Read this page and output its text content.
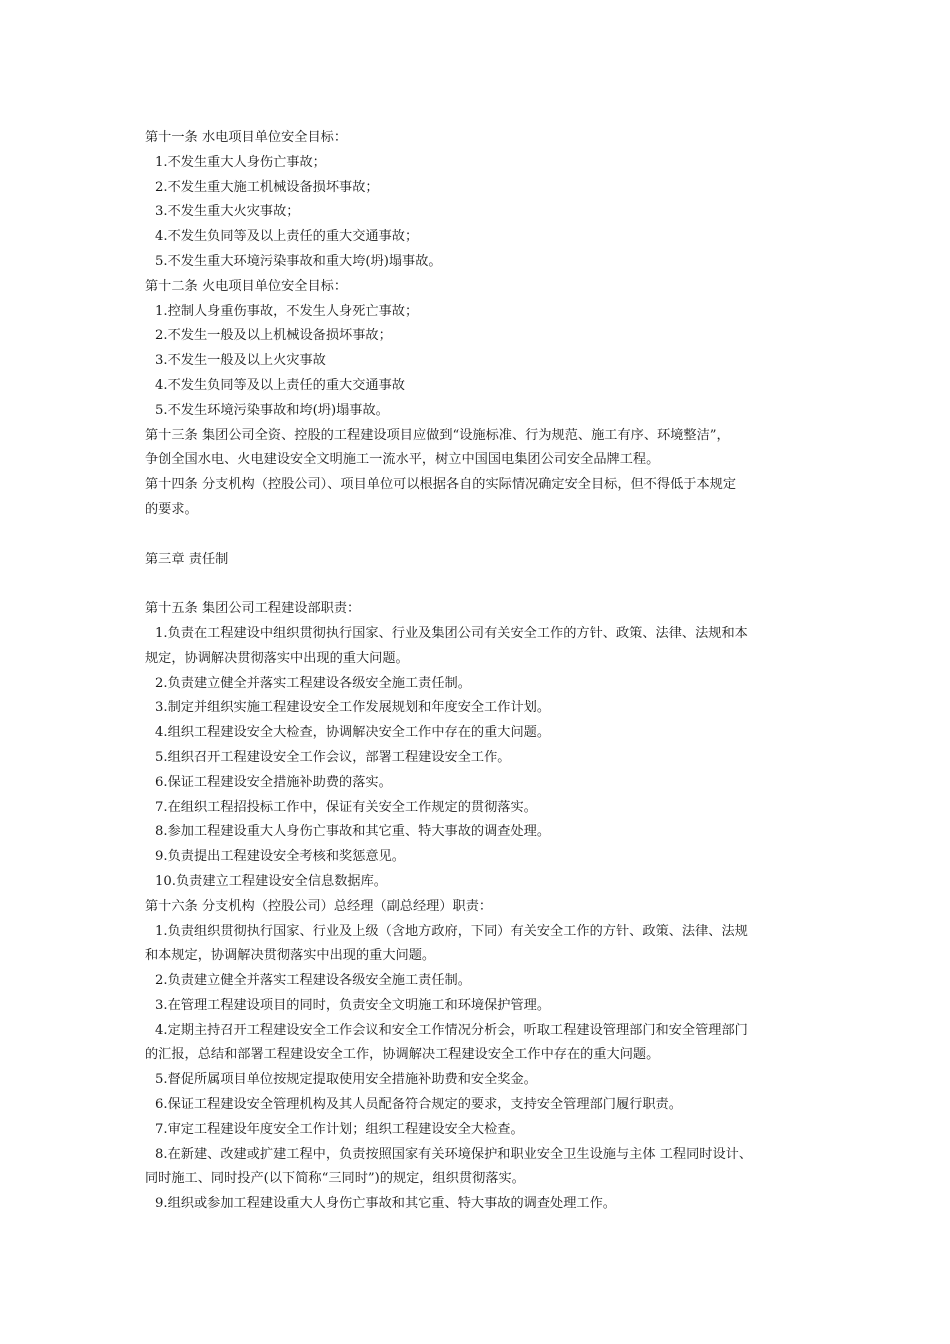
第十一条 水电项目单位安全目标：
1.不发生重大人身伤亡事故；
2.不发生重大施工机械设备损坏事故；
3.不发生重大火灾事故；
4.不发生负同等及以上责任的重大交通事故；
5.不发生重大环境污染事故和重大垮(坍)塌事故。
第十二条 火电项目单位安全目标：
1.控制人身重伤事故，不发生人身死亡事故；
2.不发生一般及以上机械设备损坏事故；
3.不发生一般及以上火灾事故
4.不发生负同等及以上责任的重大交通事故
5.不发生环境污染事故和垮(坍)塌事故。
第十三条 集团公司全资、控股的工程建设项目应做到“设施标准、行为规范、施工有序、环境整洁”，
争创全国水电、火电建设安全文明施工一流水平，树立中国国电集团公司安全品牌工程。
第十四条 分支机构（控股公司）、项目单位可以根据各自的实际情况确定安全目标，但不得低于本规定
的要求。
第三章 责任制
第十五条 集团公司工程建设部职责：
1.负责在工程建设中组织贯彻执行国家、行业及集团公司有关安全工作的方针、政策、法律、法规和本
规定，协调解决贯彻落实中出现的重大问题。
2.负责建立健全并落实工程建设各级安全施工责任制。
3.制定并组织实施工程建设安全工作发展规划和年度安全工作计划。
4.组织工程建设安全大检查，协调解决安全工作中存在的重大问题。
5.组织召开工程建设安全工作会议，部署工程建设安全工作。
6.保证工程建设安全措施补助费的落实。
7.在组织工程招投标工作中，保证有关安全工作规定的贯彻落实。
8.参加工程建设重大人身伤亡事故和其它重、特大事故的调查处理。
9.负责提出工程建设安全考核和奖惩意见。
10.负责建立工程建设安全信息数据库。
第十六条 分支机构（控股公司）总经理（副总经理）职责：
1.负责组织贯彻执行国家、行业及上级（含地方政府，下同）有关安全工作的方针、政策、法律、法规
和本规定，协调解决贯彻落实中出现的重大问题。
2.负责建立健全并落实工程建设各级安全施工责任制。
3.在管理工程建设项目的同时，负责安全文明施工和环境保护管理。
4.定期主持召开工程建设安全工作会议和安全工作情况分析会，听取工程建设管理部门和安全管理部门
的汇报，总结和部署工程建设安全工作，协调解决工程建设安全工作中存在的重大问题。
5.督促所属项目单位按规定提取使用安全措施补助费和安全奖金。
6.保证工程建设安全管理机构及其人员配备符合规定的要求，支持安全管理部门履行职责。
7.审定工程建设年度安全工作计划；组织工程建设安全大检查。
8.在新建、改建或扩建工程中，负责按照国家有关环境保护和职业安全卫生设施与主体 工程同时设计、
同时施工、同时投产(以下简称“三同时”)的规定，组织贯彻落实。
9.组织或参加工程建设重大人身伤亡事故和其它重、特大事故的调查处理工作。
